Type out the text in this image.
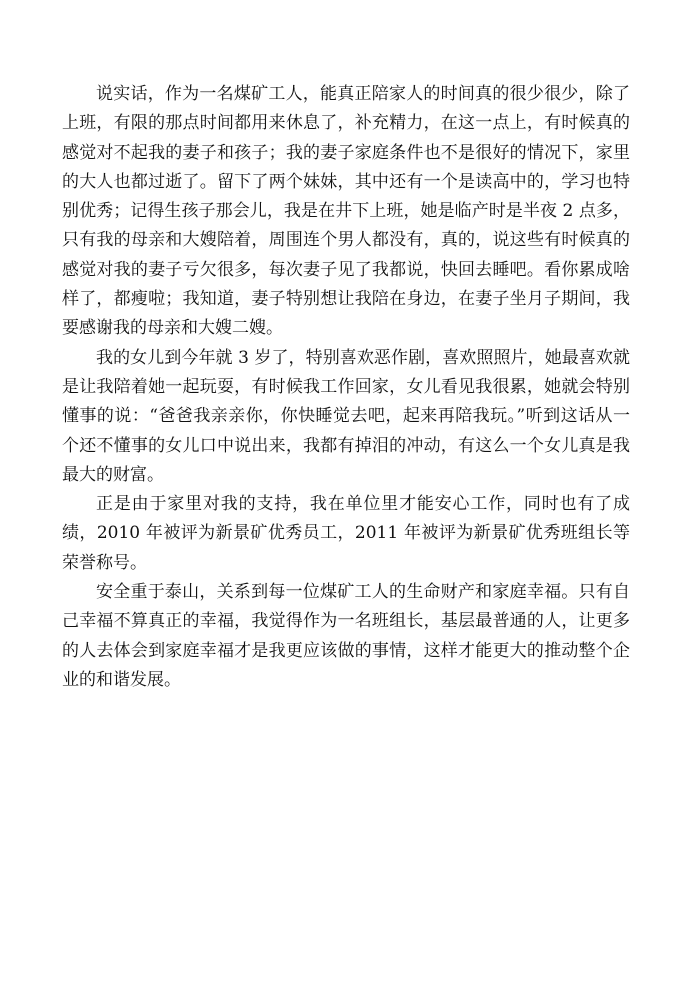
说实话，作为一名煤矿工人，能真正陪家人的时间真的很少很少，除了上班，有限的那点时间都用来休息了，补充精力，在这一点上，有时候真的感觉对不起我的妻子和孩子；我的妻子家庭条件也不是很好的情况下，家里的大人也都过逝了。留下了两个妹妹，其中还有一个是读高中的，学习也特别优秀；记得生孩子那会儿，我是在井下上班，她是临产时是半夜 2 点多，只有我的母亲和大嫂陪着，周围连个男人都没有，真的，说这些有时候真的感觉对我的妻子亏欠很多，每次妻子见了我都说，快回去睡吧。看你累成啥样了，都瘦啦；我知道，妻子特别想让我陪在身边，在妻子坐月子期间，我要感谢我的母亲和大嫂二嫂。

我的女儿到今年就 3 岁了，特别喜欢恶作剧，喜欢照照片，她最喜欢就是让我陪着她一起玩耍，有时候我工作回家，女儿看见我很累，她就会特别懂事的说：“爸爸我亲亲你，你快睡觉去吧，起来再陪我玩。”听到这话从一个还不懂事的女儿口中说出来，我都有掉泪的冲动，有这么一个女儿真是我最大的财富。

正是由于家里对我的支持，我在单位里才能安心工作，同时也有了成绩，2010 年被评为新景矿优秀员工，2011 年被评为新景矿优秀班组长等荣誉称号。

安全重于泰山，关系到每一位煤矿工人的生命财产和家庭幸福。只有自己幸福不算真正的幸福，我觉得作为一名班组长，基层最普通的人，让更多的人去体会到家庭幸福才是我更应该做的事情，这样才能更大的推动整个企业的和谐发展。
